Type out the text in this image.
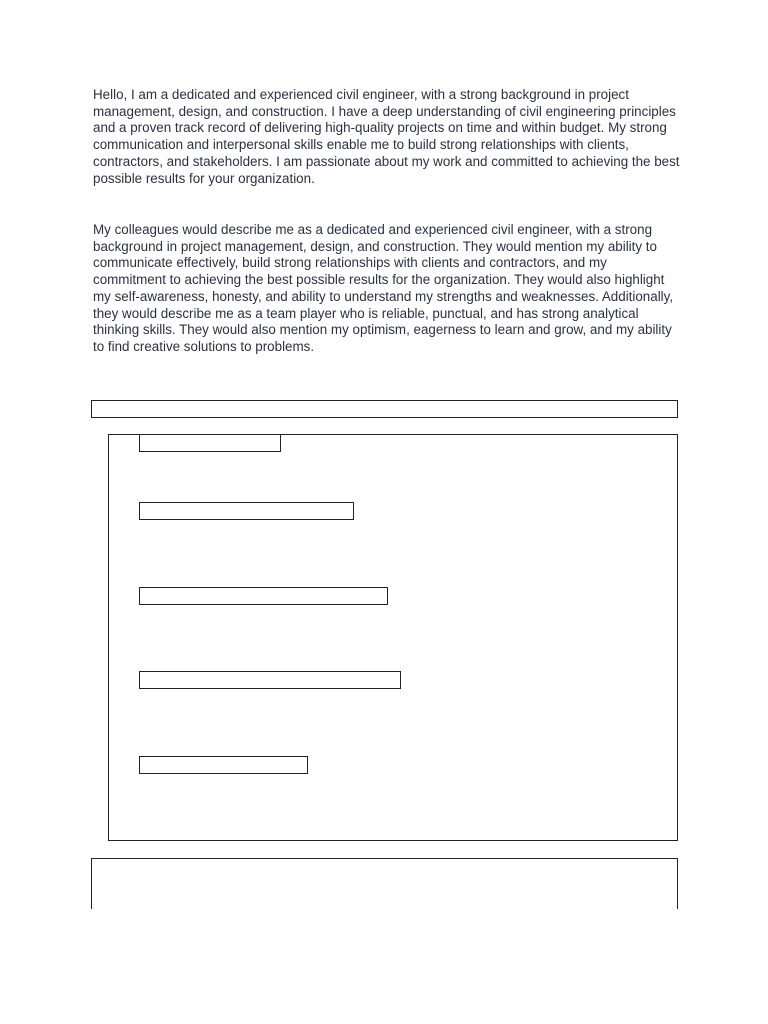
Hello, I am a dedicated and experienced civil engineer, with a strong background in project management, design, and construction. I have a deep understanding of civil engineering principles and a proven track record of delivering high-quality projects on time and within budget. My strong communication and interpersonal skills enable me to build strong relationships with clients, contractors, and stakeholders. I am passionate about my work and committed to achieving the best possible results for your organization.

My colleagues would describe me as a dedicated and experienced civil engineer, with a strong background in project management, design, and construction. They would mention my ability to communicate effectively, build strong relationships with clients and contractors, and my commitment to achieving the best possible results for the organization. They would also highlight my self-awareness, honesty, and ability to understand my strengths and weaknesses. Additionally, they would describe me as a team player who is reliable, punctual, and has strong analytical thinking skills. They would also mention my optimism, eagerness to learn and grow, and my ability to find creative solutions to problems.
